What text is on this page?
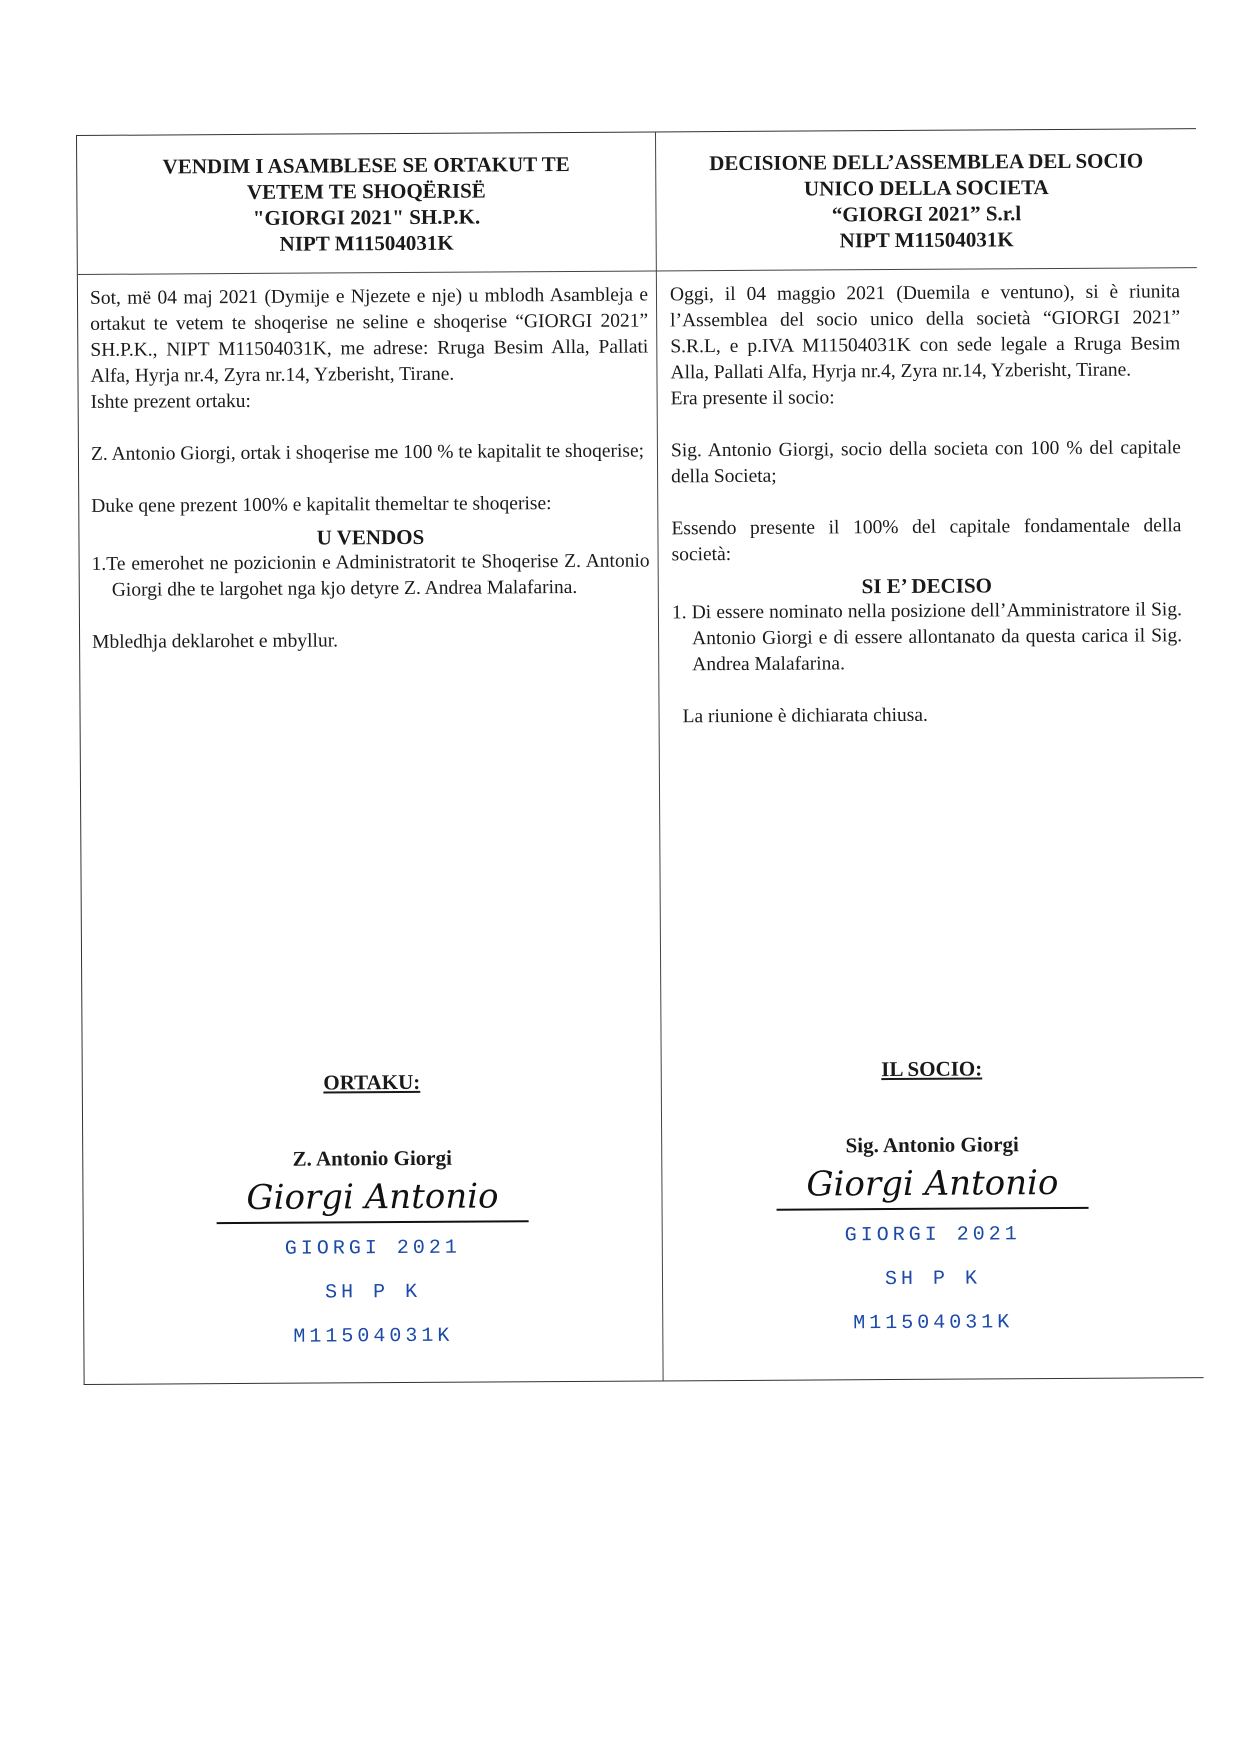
VENDIM I ASAMBLESE SE ORTAKUT TE
VETEM TE SHOQËRISË
"GIORGI 2021" SH.P.K.
NIPT M11504031K
DECISIONE DELL’ASSEMBLEA DEL SOCIO
UNICO DELLA SOCIETA
“GIORGI 2021” S.r.l
NIPT M11504031K
Sot, më 04 maj 2021 (Dymije e Njezete e nje) u mblodh Asambleja e ortakut te vetem te shoqerise ne seline e shoqerise “GIORGI 2021” SH.P.K., NIPT M11504031K, me adrese: Rruga Besim Alla, Pallati Alfa, Hyrja nr.4, Zyra nr.14, Yzberisht, Tirane.

Ishte prezent ortaku:

Z. Antonio Giorgi, ortak i shoqerise me 100 % te kapitalit te shoqerise;

Duke qene prezent 100% e kapitalit themeltar te shoqerise:

U VENDOS

1.Te emerohet ne pozicionin e Administratorit te Shoqerise Z. Antonio Giorgi dhe te largohet nga kjo detyre Z. Andrea Malafarina.

Mbledhja deklarohet e mbyllur.

Oggi, il 04 maggio 2021 (Duemila e ventuno), si è riunita l’Assemblea del socio unico della società “GIORGI 2021” S.R.L, e p.IVA M11504031K con sede legale a Rruga Besim Alla, Pallati Alfa, Hyrja nr.4, Zyra nr.14, Yzberisht, Tirane.

Era presente il socio:

Sig. Antonio Giorgi, socio della societa con 100 % del capitale della Societa;

Essendo presente il 100% del capitale fondamentale della società:

SI E’ DECISO

1. Di essere nominato nella posizione dell’Amministratore il Sig. Antonio Giorgi e di essere allontanato da questa carica il Sig. Andrea Malafarina.

La riunione è dichiarata chiusa.

ORTAKU:
Z. Antonio Giorgi
Giorgi Antonio
GIORGI 2021
SH P K
M11504031K
IL SOCIO:
Sig. Antonio Giorgi
Giorgi Antonio
GIORGI 2021
SH P K
M11504031K
